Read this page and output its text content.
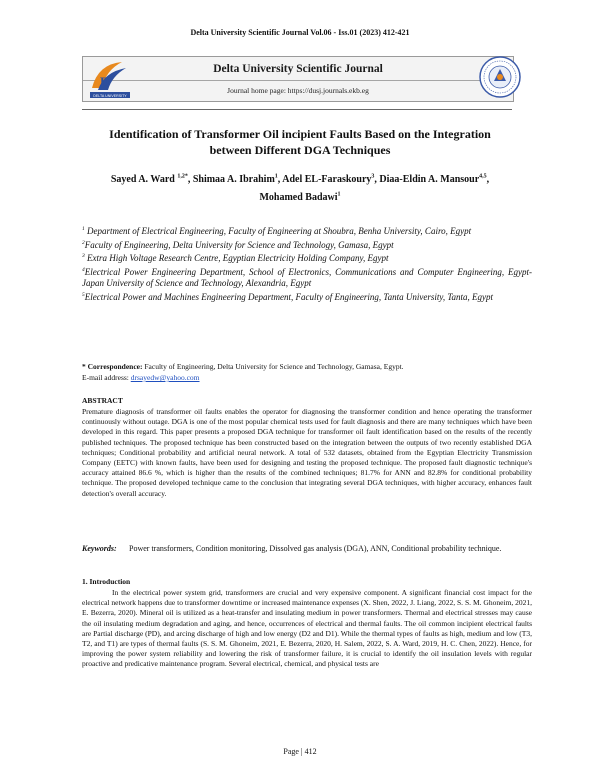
Delta University Scientific Journal Vol.06 - Iss.01 (2023) 412-421
Delta University Scientific Journal
Journal home page: https://dusj.journals.ekb.eg
D
DELTA UNIVERSITY
Identification of Transformer Oil incipient Faults Based on the Integration between Different DGA Techniques
Sayed A. Ward $^{1,2*}$, Shimaa A. Ibrahim$^1$, Adel EL-Faraskoury$^3$, Diaa-Eldin A. Mansour$^{4,5}$, Mohamed Badawi$^1$

$^1$ Department of Electrical Engineering, Faculty of Engineering at Shoubra, Benha University, Cairo, Egypt

$^2$Faculty of Engineering, Delta University for Science and Technology, Gamasa, Egypt

$^3$ Extra High Voltage Research Centre, Egyptian Electricity Holding Company, Egypt

$^4$Electrical Power Engineering Department, School of Electronics, Communications and Computer Engineering, Egypt-Japan University of Science and Technology, Alexandria, Egypt

$^5$Electrical Power and Machines Engineering Department, Faculty of Engineering, Tanta University, Tanta, Egypt

* Correspondence: Faculty of Engineering, Delta University for Science and Technology, Gamasa, Egypt.

E-mail address: drsayedw@yahoo.com

ABSTRACT

Premature diagnosis of transformer oil faults enables the operator for diagnosing the transformer condition and hence operating the transformer continuously without outage. DGA is one of the most popular chemical tests used for fault diagnosis and there are many techniques which have been developed in this regard. This paper presents a proposed DGA technique for transformer oil fault identification based on the results of the recently published techniques. The proposed technique has been constructed based on the integration between the outputs of two recently established DGA techniques; Conditional probability and artificial neural network. A total of 532 datasets, obtained from the Egyptian Electricity Transmission Company (EETC) with known faults, have been used for designing and testing the proposed technique. The proposed fault diagnostic technique's accuracy attained 86.6 %, which is higher than the results of the combined techniques; 81.7% for ANN and 82.8% for conditional probability technique. The proposed developed technique came to the conclusion that integrating several DGA techniques, with higher accuracy, enhances fault detection's overall accuracy.

Keywords: Power transformers, Condition monitoring, Dissolved gas analysis (DGA), ANN, Conditional probability technique.
1. Introduction

In the electrical power system grid, transformers are crucial and very expensive component. A significant financial cost impact for the electrical network happens due to transformer downtime or increased maintenance expenses (X. Shen, 2022, J. Liang, 2022, S. S. M. Ghoneim, 2021, E. Bezerra, 2020). Mineral oil is utilized as a heat-transfer and insulating medium in power transformers. Thermal and electrical stresses may cause the oil insulating medium degradation and aging, and hence, occurrences of electrical and thermal faults. The oil common incipient electrical faults are Partial discharge (PD), and arcing discharge of high and low energy (D2 and D1). While the thermal types of faults as high, medium and low (T3, T2, and T1) are types of thermal faults (S. S. M. Ghoneim, 2021, E. Bezerra, 2020, H. Salem, 2022, S. A. Ward, 2019, H. C. Chen, 2022). Hence, for improving the power system reliability and lowering the risk of transformer failure, it is crucial to identify the oil insulation levels with regular proactive and predicative maintenance program. Several electrical, chemical, and physical tests are

Page | 412
